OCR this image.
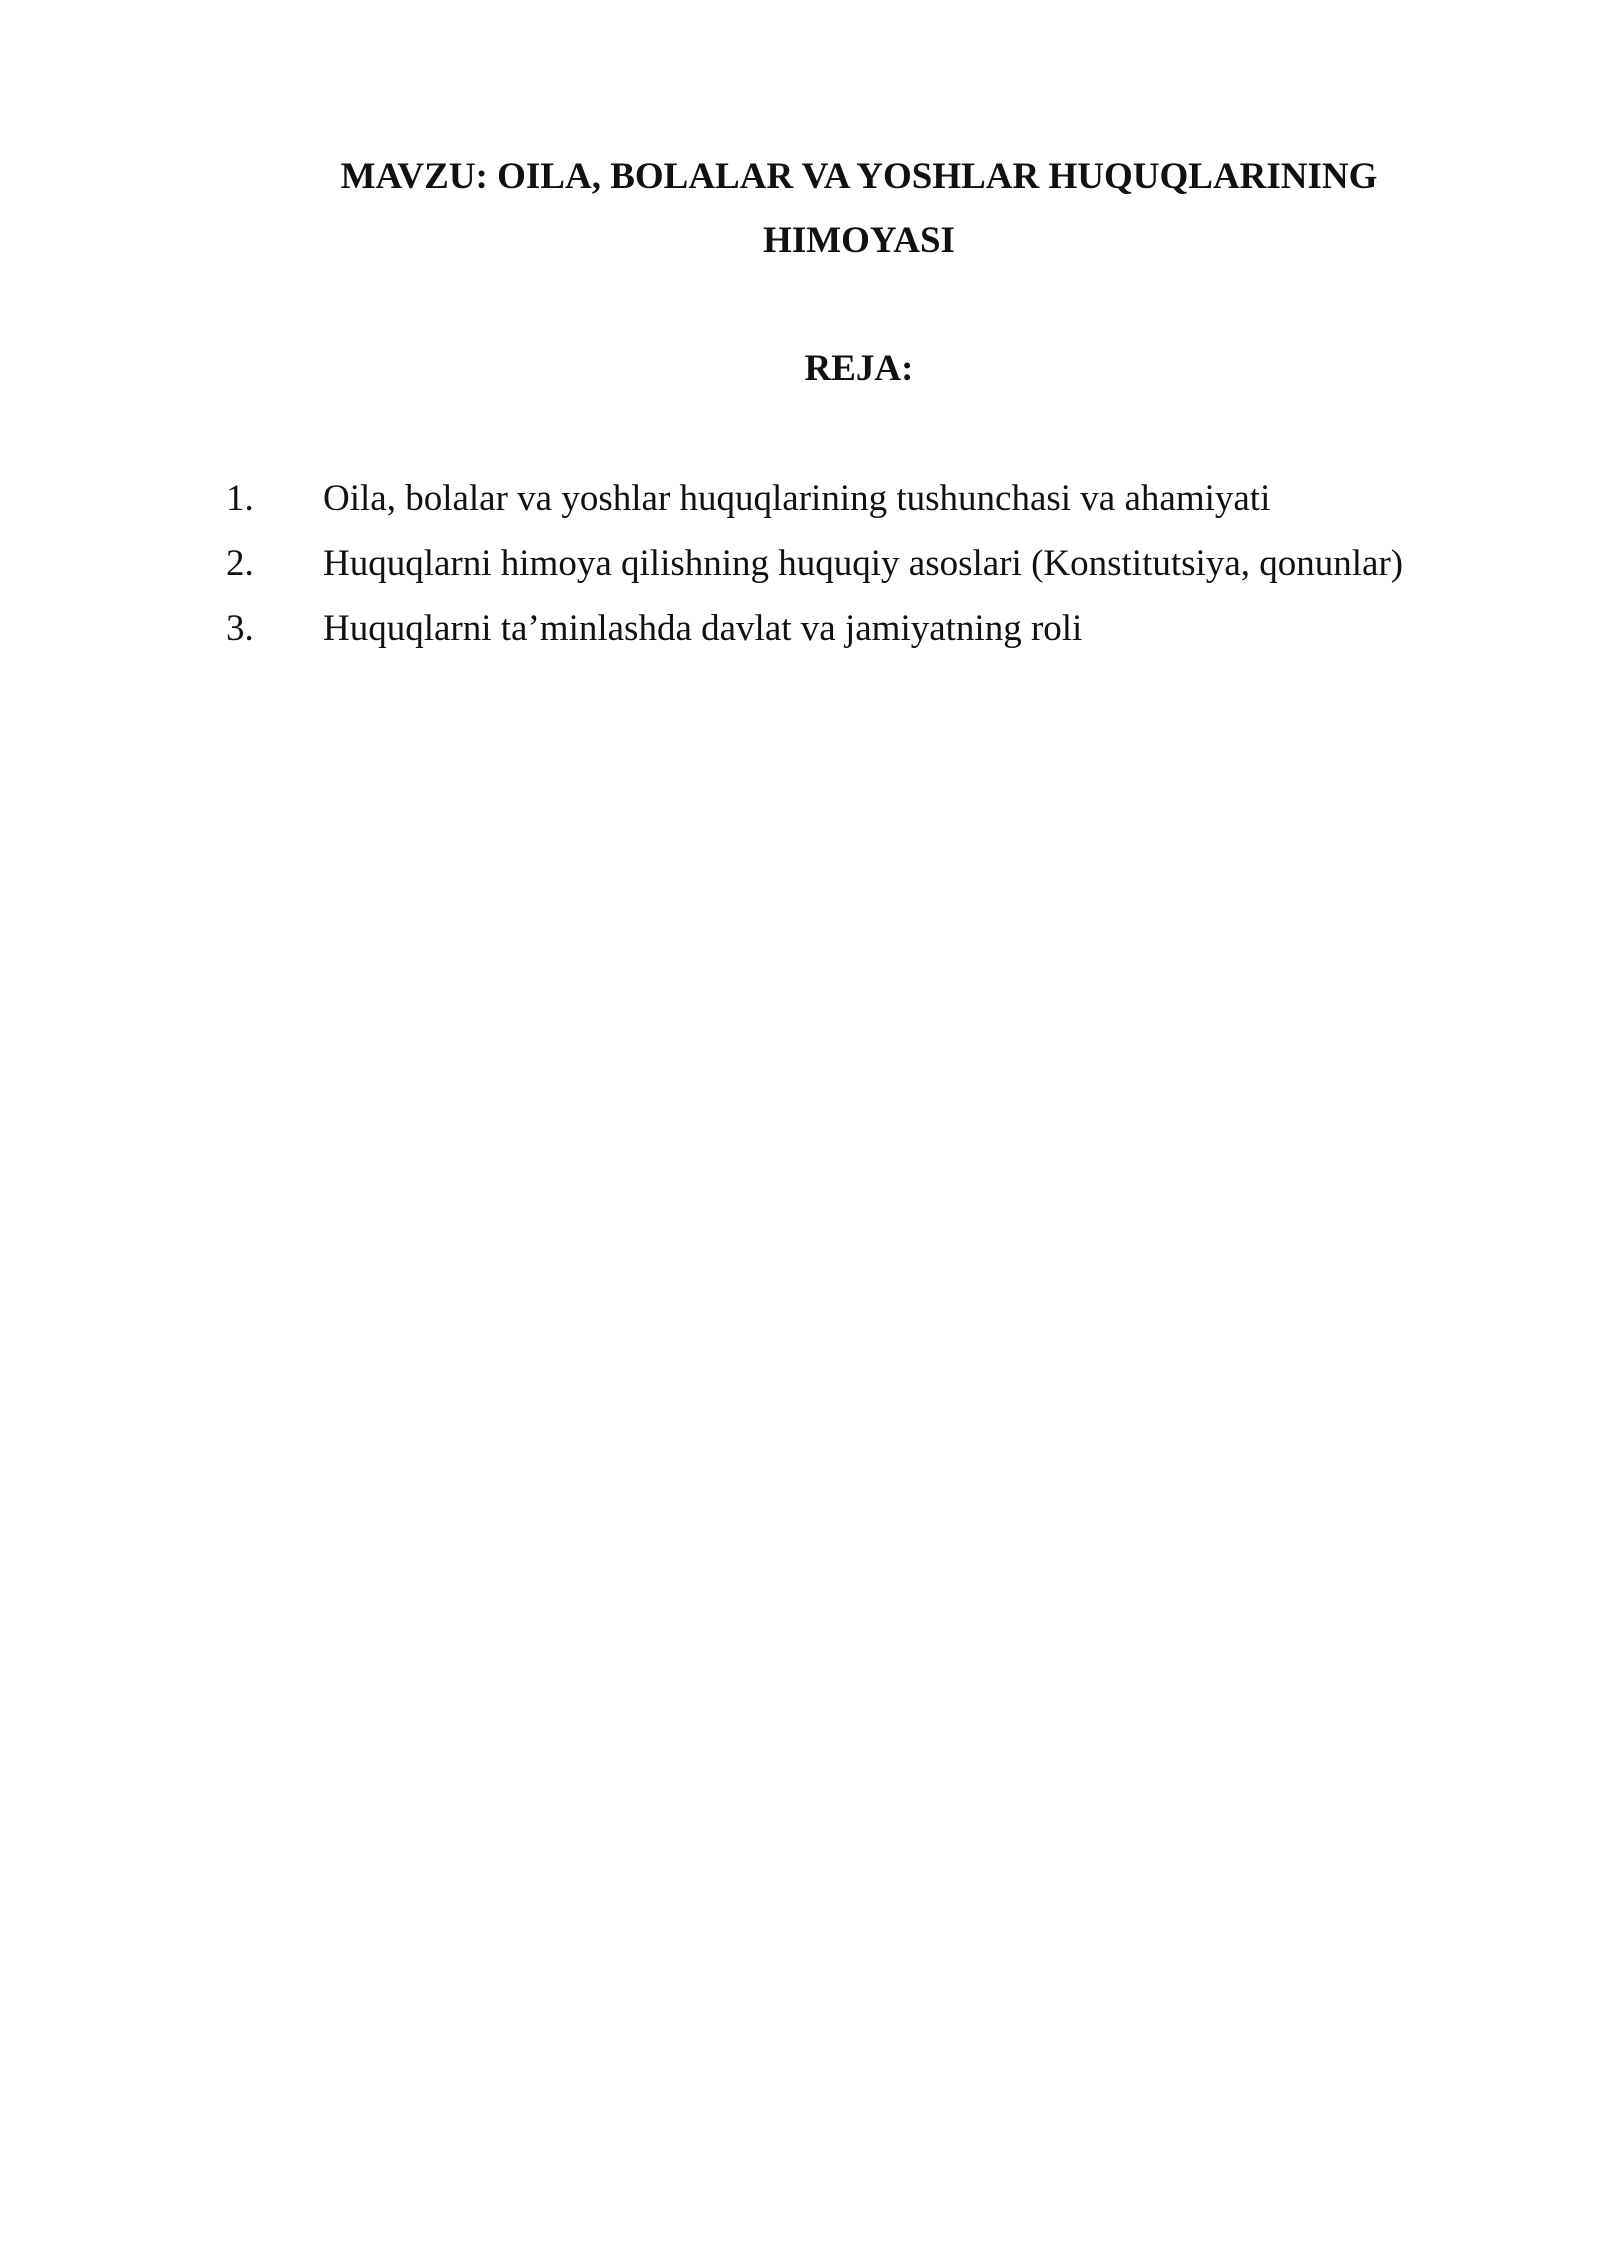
MAVZU: OILA, BOLALAR VA YOSHLAR HUQUQLARINING
HIMOYASI
REJA:
1.	Oila, bolalar va yoshlar huquqlarining tushunchasi va ahamiyati
2.	Huquqlarni himoya qilishning huquqiy asoslari (Konstitutsiya, qonunlar)
3.	Huquqlarni ta’minlashda davlat va jamiyatning roli
